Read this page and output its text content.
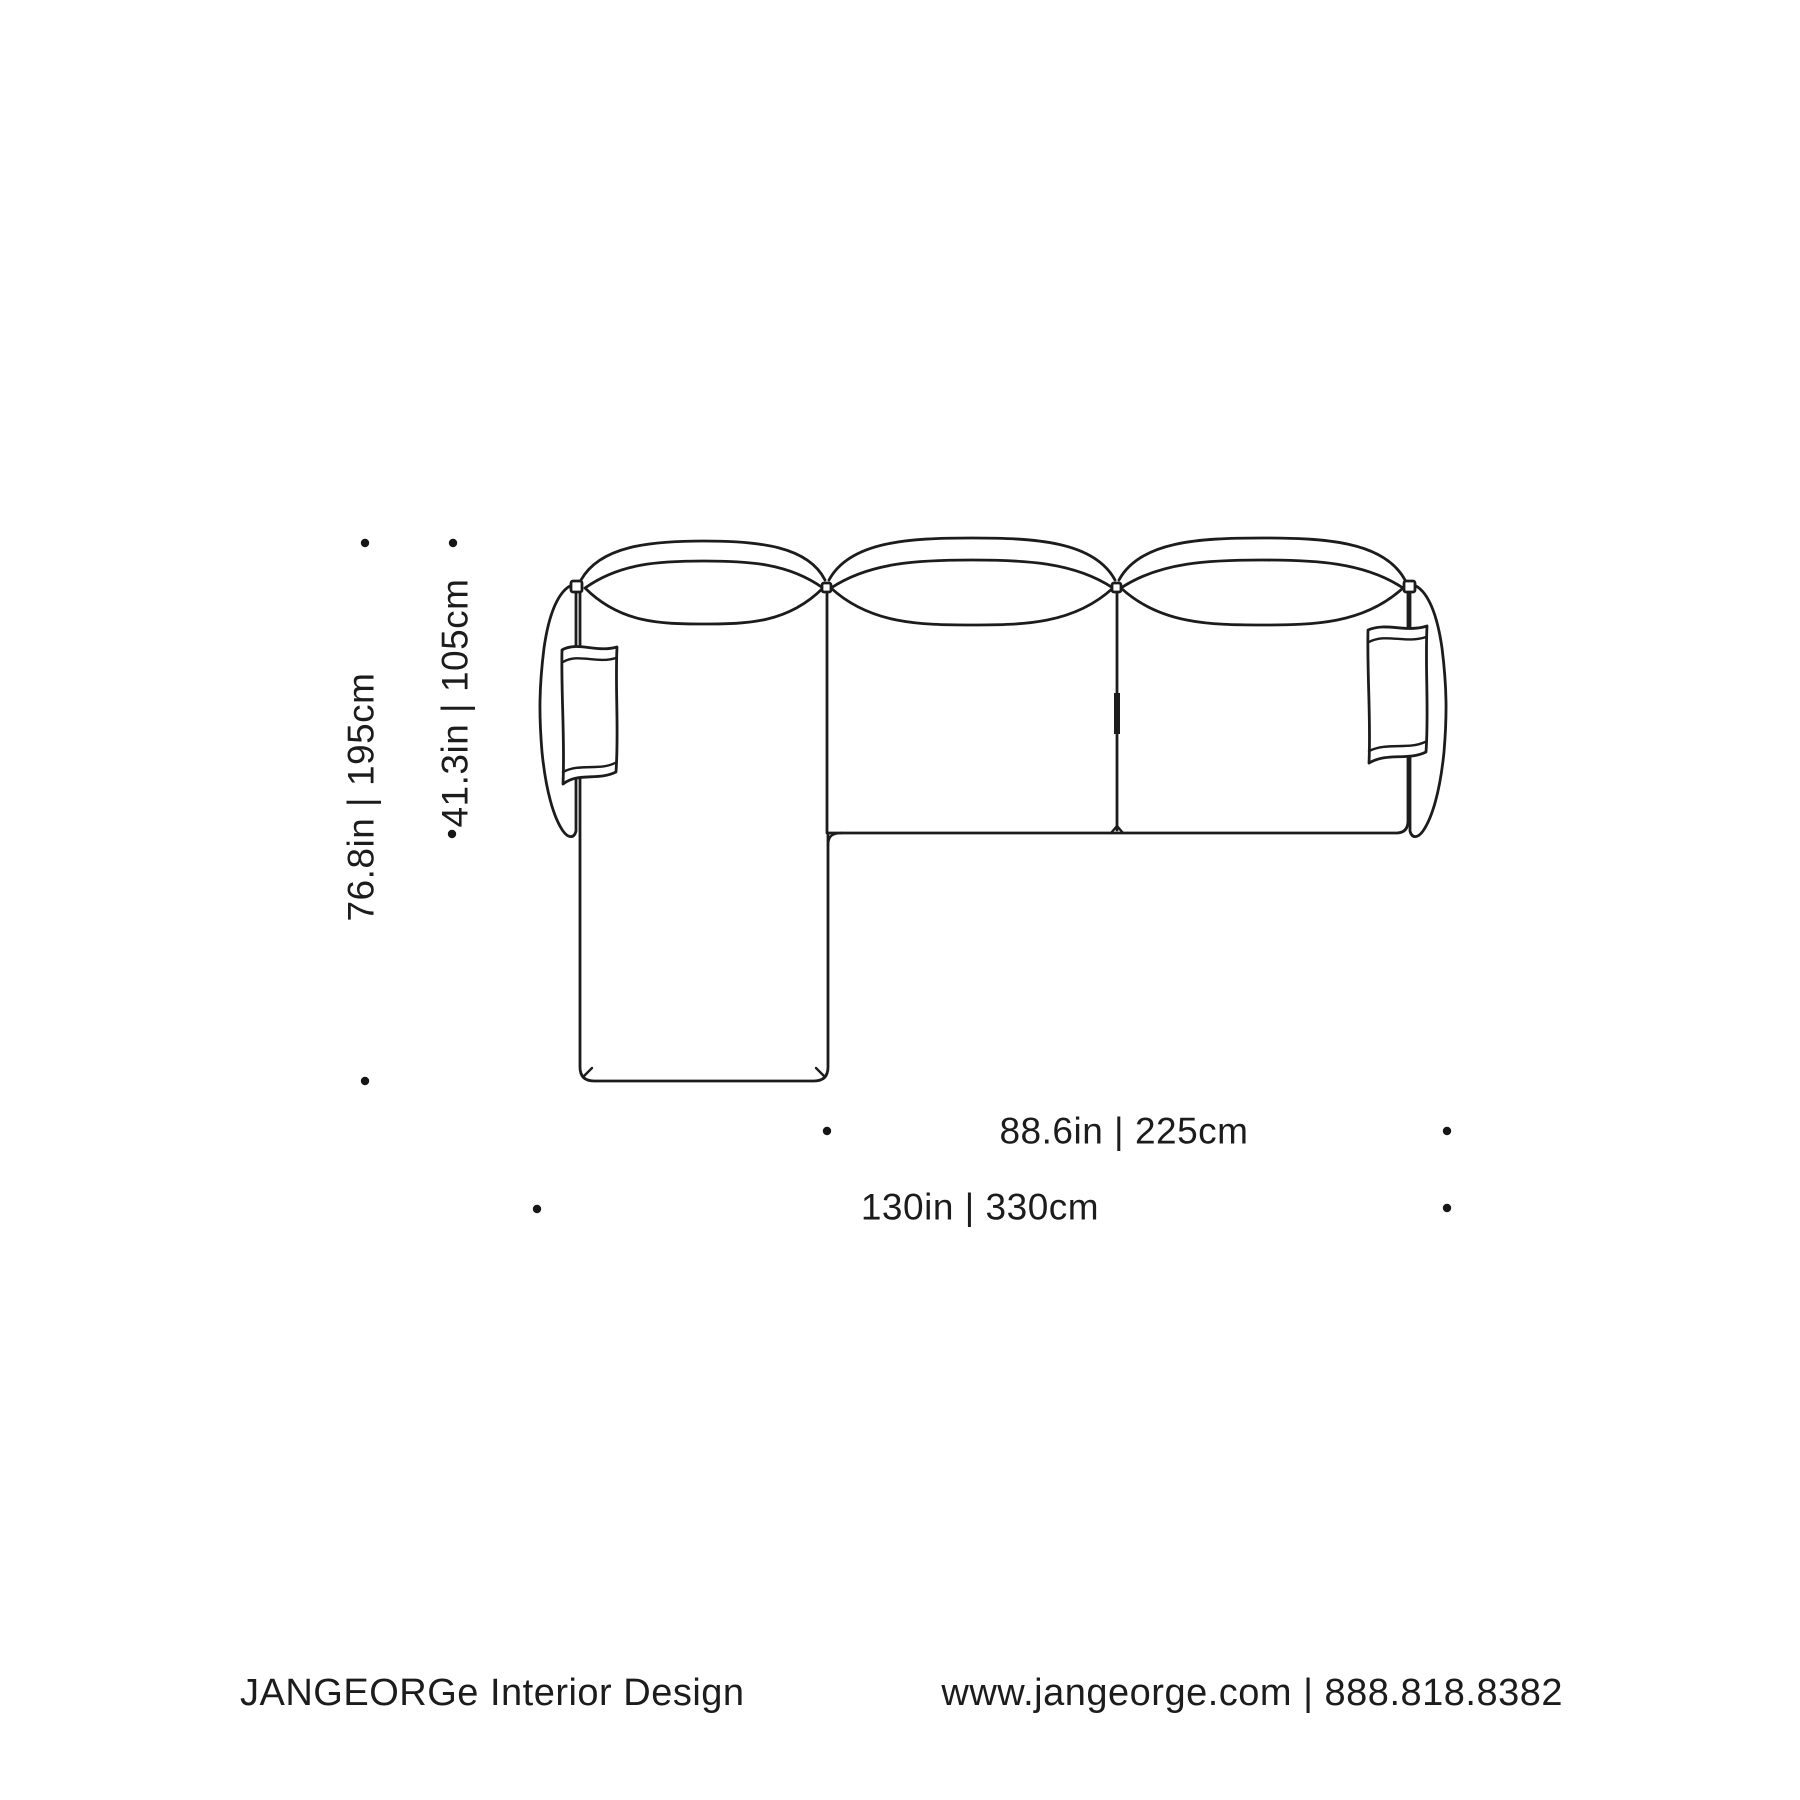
76.8in | 195cm 41.3in | 105cm
88.6in | 225cm
130in | 330cm
JANGEORGe Interior Design	www.jangeorge.com | 888.818.8382
